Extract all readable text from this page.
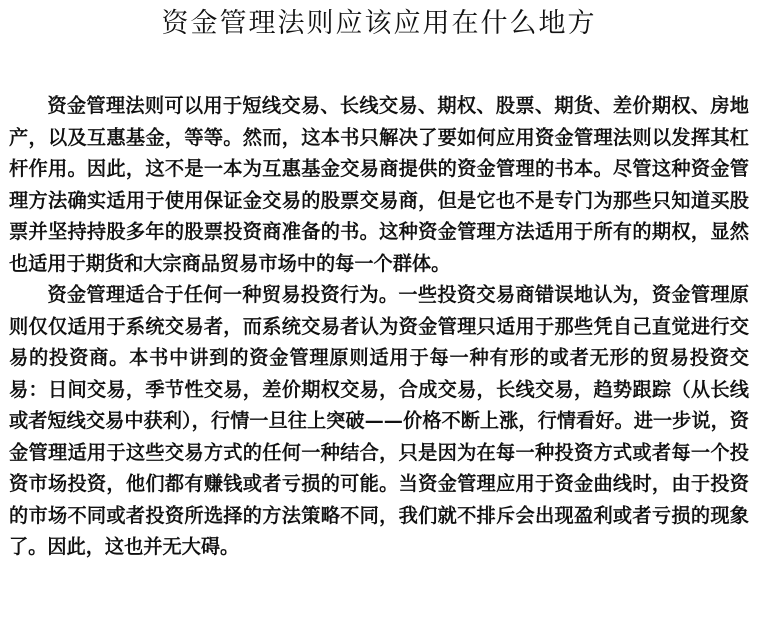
资金管理法则应该应用在什么地方

资金管理法则可以用于短线交易、长线交易、期权、股票、期货、差价期权、房地产，以及互惠基金，等等。然而，这本书只解决了要如何应用资金管理法则以发挥其杠杆作用。因此，这不是一本为互惠基金交易商提供的资金管理的书本。尽管这种资金管理方法确实适用于使用保证金交易的股票交易商，但是它也不是专门为那些只知道买股票并坚持持股多年的股票投资商准备的书。这种资金管理方法适用于所有的期权，显然也适用于期货和大宗商品贸易市场中的每一个群体。

资金管理适合于任何一种贸易投资行为。一些投资交易商错误地认为，资金管理原则仅仅适用于系统交易者，而系统交易者认为资金管理只适用于那些凭自己直觉进行交易的投资商。本书中讲到的资金管理原则适用于每一种有形的或者无形的贸易投资交易：日间交易，季节性交易，差价期权交易，合成交易，长线交易，趋势跟踪（从长线或者短线交易中获利），行情一旦往上突破——价格不断上涨，行情看好。进一步说，资金管理适用于这些交易方式的任何一种结合，只是因为在每一种投资方式或者每一个投资市场投资，他们都有赚钱或者亏损的可能。当资金管理应用于资金曲线时，由于投资的市场不同或者投资所选择的方法策略不同，我们就不排斥会出现盈利或者亏损的现象了。因此，这也并无大碍。
